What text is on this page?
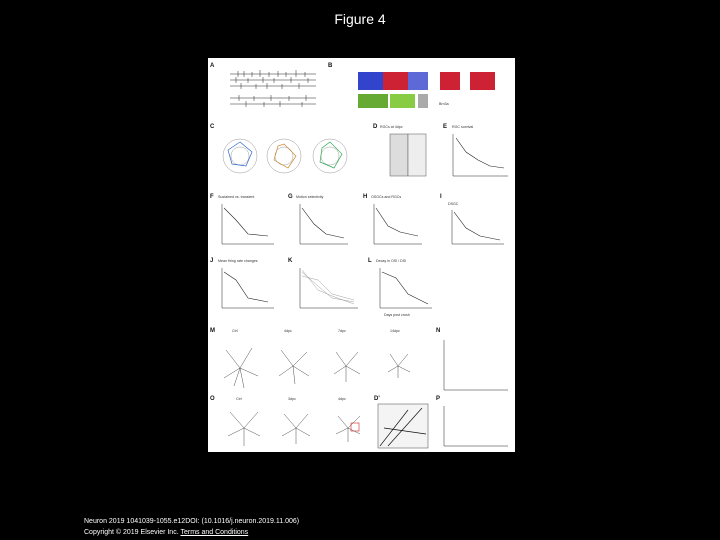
Figure 4
A	B
Brn3a
C	D RGCs at 4dpc	E RGC survival
F Sustained vs. transient	G Motion selectivity	H OSGCs and RGCs	I
DSGC
J Mean firing rate changes	K	L Decay in OSI / DSI
Days post crush
M	Ctrl	4dpc	7dpc	14dpc	N
O	Ctrl	3dpc	4dpc	D'	P
Neuron 2019 1041039-1055.e12DOI: (10.1016/j.neuron.2019.11.006)
Copyright © 2019 Elsevier Inc. Terms and Conditions
